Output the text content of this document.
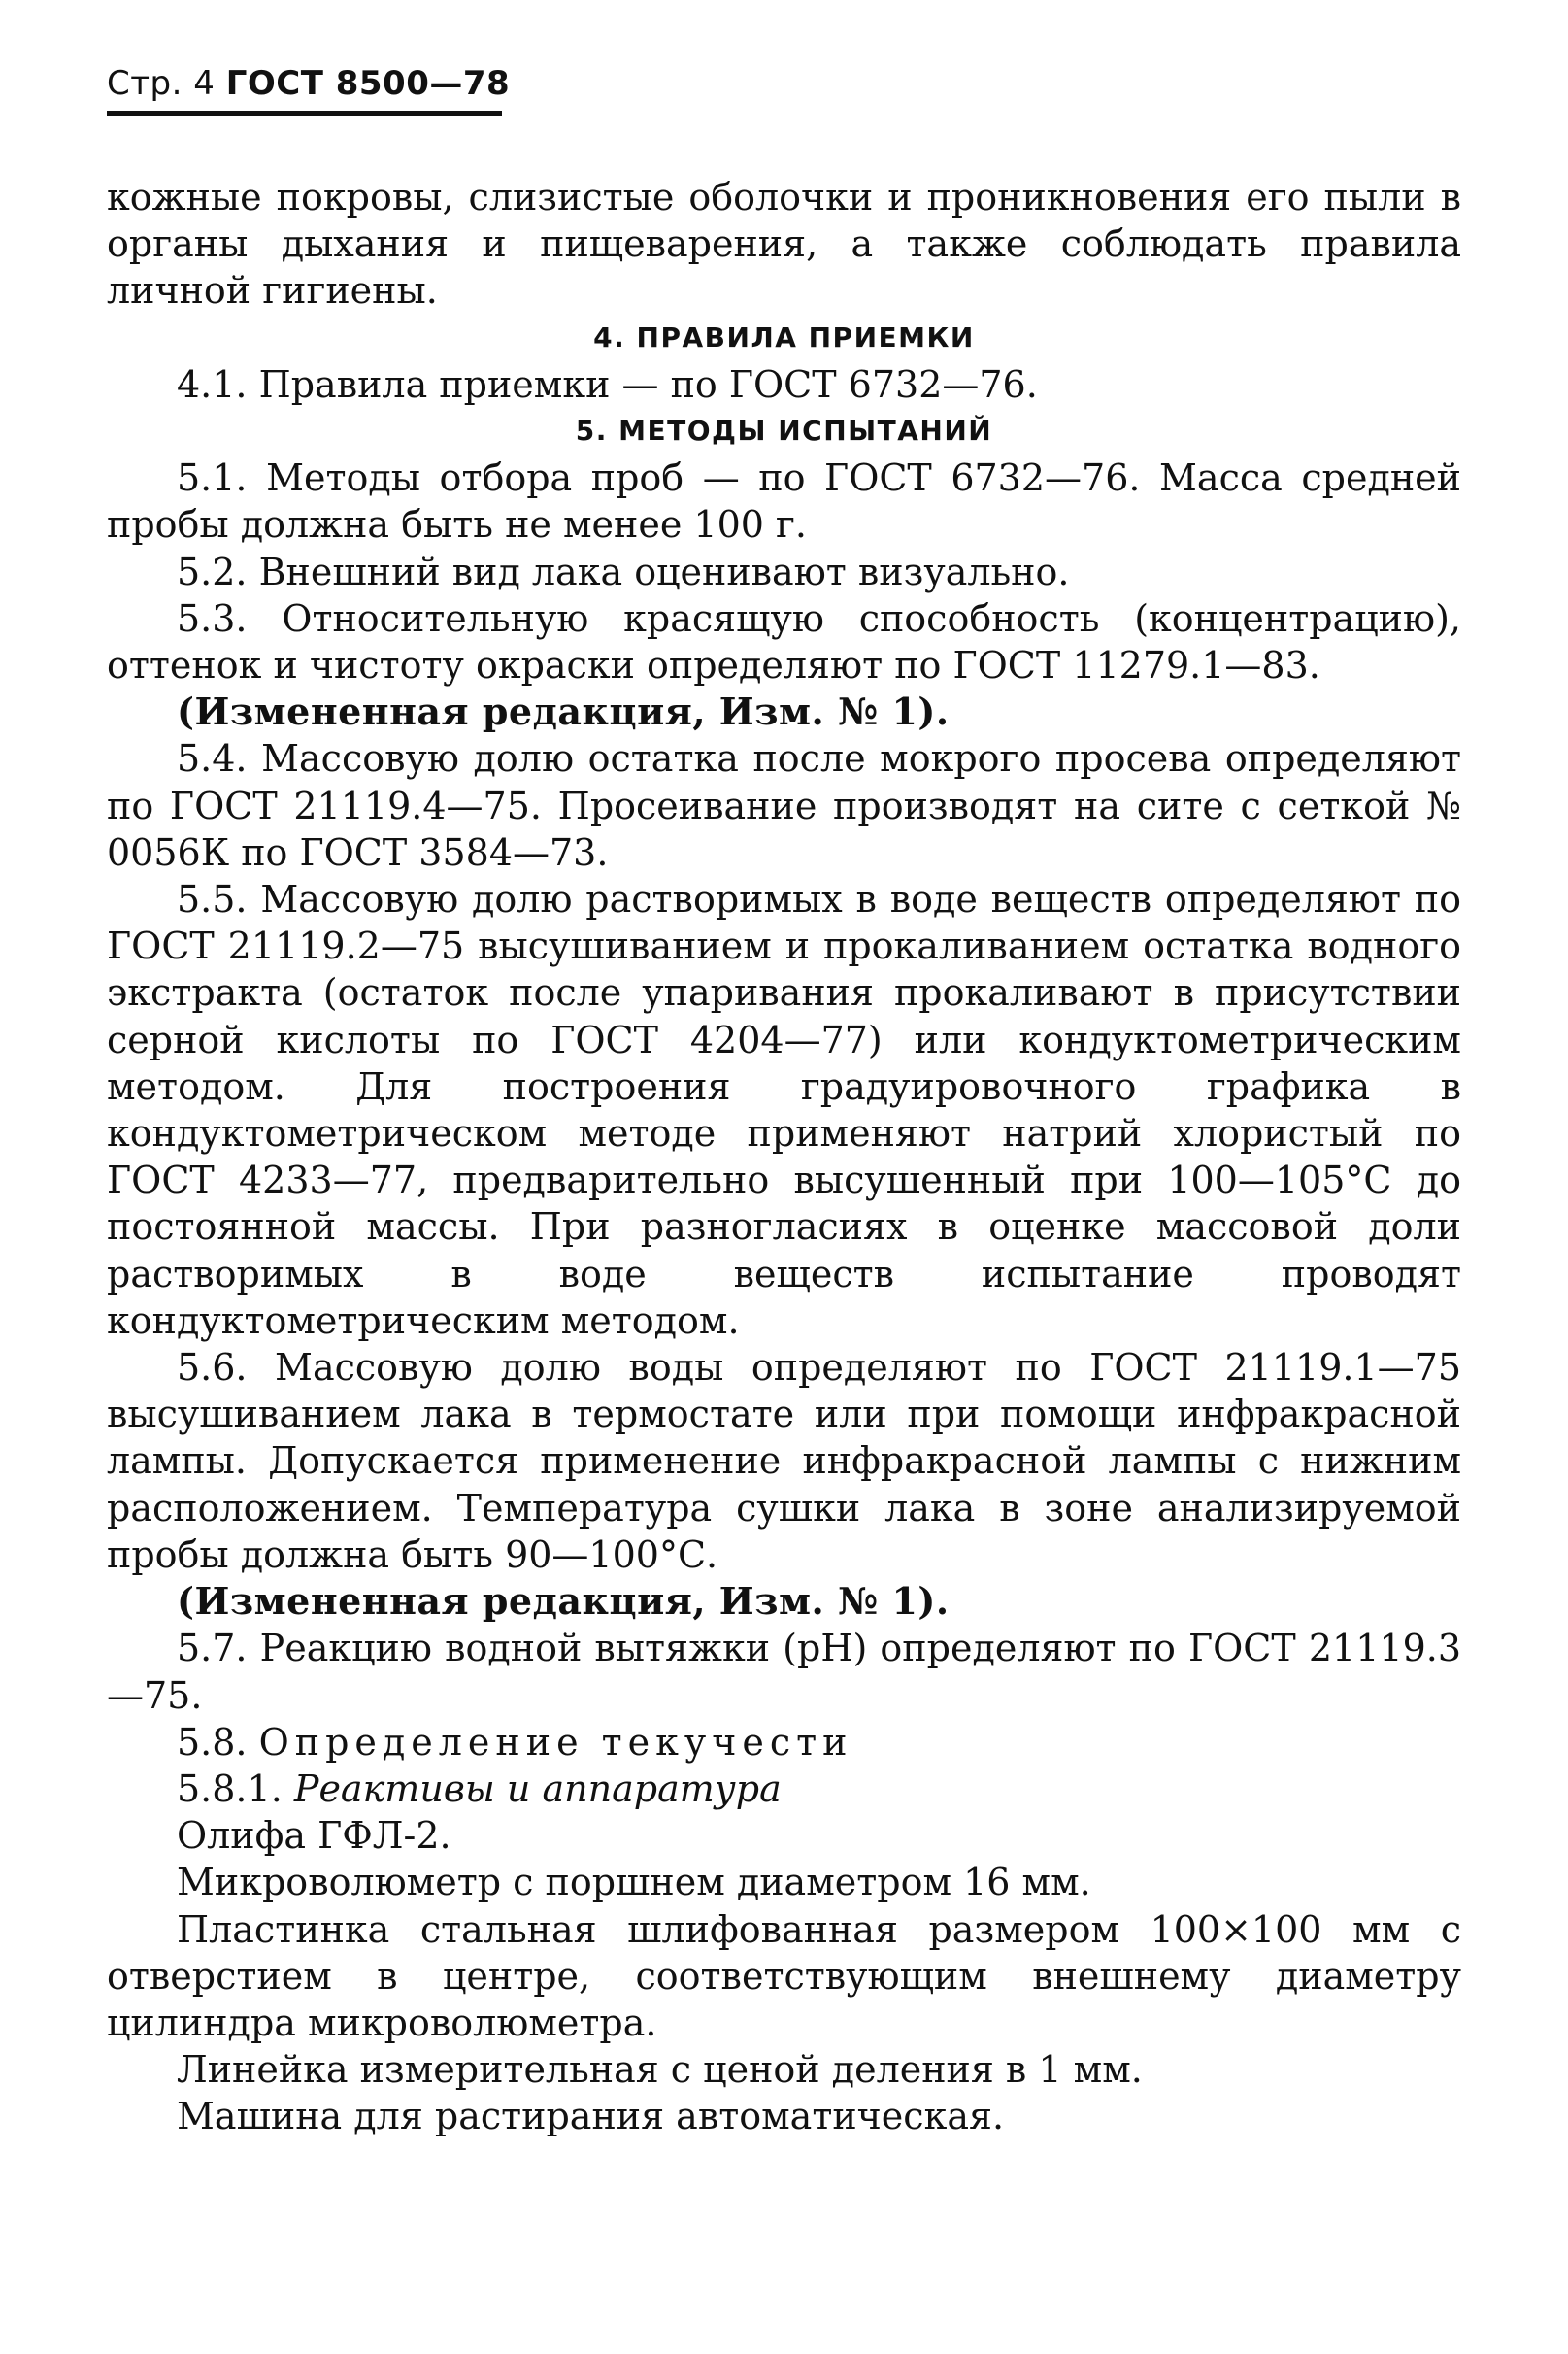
Стр. 4 ГОСТ 8500—78

кожные покровы, слизистые оболочки и проникновения его пыли в органы дыхания и пищеварения, а также соблюдать правила личной гигиены.

4. ПРАВИЛА ПРИЕМКИ

4.1. Правила приемки — по ГОСТ 6732—76.

5. МЕТОДЫ ИСПЫТАНИЙ

5.1. Методы отбора проб — по ГОСТ 6732—76. Масса средней пробы должна быть не менее 100 г.

5.2. Внешний вид лака оценивают визуально.

5.3. Относительную красящую способность (концентрацию), оттенок и чистоту окраски определяют по ГОСТ 11279.1—83.

(Измененная редакция, Изм. № 1).

5.4. Массовую долю остатка после мокрого просева определяют по ГОСТ 21119.4—75. Просеивание производят на сите с сеткой № 0056К по ГОСТ 3584—73.

5.5. Массовую долю растворимых в воде веществ определяют по ГОСТ 21119.2—75 высушиванием и прокаливанием остатка водного экстракта (остаток после упаривания прокаливают в присутствии серной кислоты по ГОСТ 4204—77) или кондуктометрическим методом. Для построения градуировочного графика в кондуктометрическом методе применяют натрий хлористый по ГОСТ 4233—77, предварительно высушенный при 100—105°С до постоянной массы. При разногласиях в оценке массовой доли растворимых в воде веществ испытание проводят кондуктометрическим методом.

5.6. Массовую долю воды определяют по ГОСТ 21119.1—75 высушиванием лака в термостате или при помощи инфракрасной лампы. Допускается применение инфракрасной лампы с нижним расположением. Температура сушки лака в зоне анализируемой пробы должна быть 90—100°С.

(Измененная редакция, Изм. № 1).

5.7. Реакцию водной вытяжки (рН) определяют по ГОСТ 21119.3—75.

5.8. Определение текучести

5.8.1. Реактивы и аппаратура

Олифа ГФЛ-2.

Микроволюметр с поршнем диаметром 16 мм.

Пластинка стальная шлифованная размером 100×100 мм с отверстием в центре, соответствующим внешнему диаметру цилиндра микроволюметра.

Линейка измерительная с ценой деления в 1 мм.

Машина для растирания автоматическая.
